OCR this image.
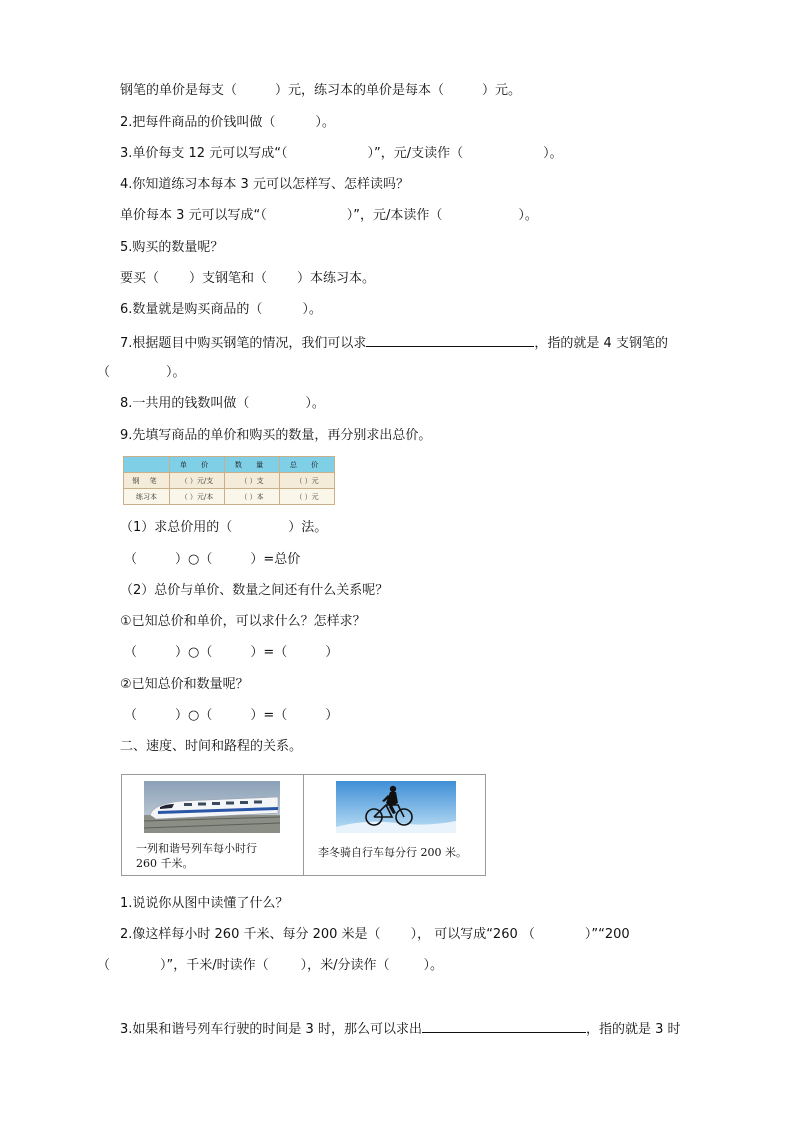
钢笔的单价是每支（	）元，练习本的单价是每本（	）元。
2.把每件商品的价钱叫做（	）。
3.单价每支 12 元可以写成“（	）”，元/支读作（	）。
4.你知道练习本每本 3 元可以怎样写、怎样读吗？
单价每本 3 元可以写成“（	）”，元/本读作（	）。
5.购买的数量呢？
要买（ ）支钢笔和（ ）本练习本。
6.数量就是购买商品的（	）。
7.根据题目中购买钢笔的情况，我们可以求	，指的就是 4 支钢笔的
（	）。
8.一共用的钱数叫做（	）。
9.先填写商品的单价和购买的数量，再分别求出总价。
	单 价	数 量	总 价
钢 笔	（ ）元/支	（ ）支	（ ）元
练习本	（ ）元/本	（ ）本	（ ）元
（1）求总价用的（	）法。
（	）○（	）=总价
（2）总价与单价、数量之间还有什么关系呢？
①已知总价和单价，可以求什么？怎样求？
（	）○（	）=（	）
②已知总价和数量呢？
（	）○（	）=（	）
二、速度、时间和路程的关系。
一列和谐号列车每小时行
260 千米。
李冬骑自行车每分行 200 米。
1.说说你从图中读懂了什么？
2.像这样每小时 260 千米、每分 200 米是（ ）， 可以写成“260 （	）”“200
（	）”，千米/时读作（ ），米/分读作（	）。
3.如果和谐号列车行驶的时间是 3 时，那么可以求出	，指的就是 3 时
